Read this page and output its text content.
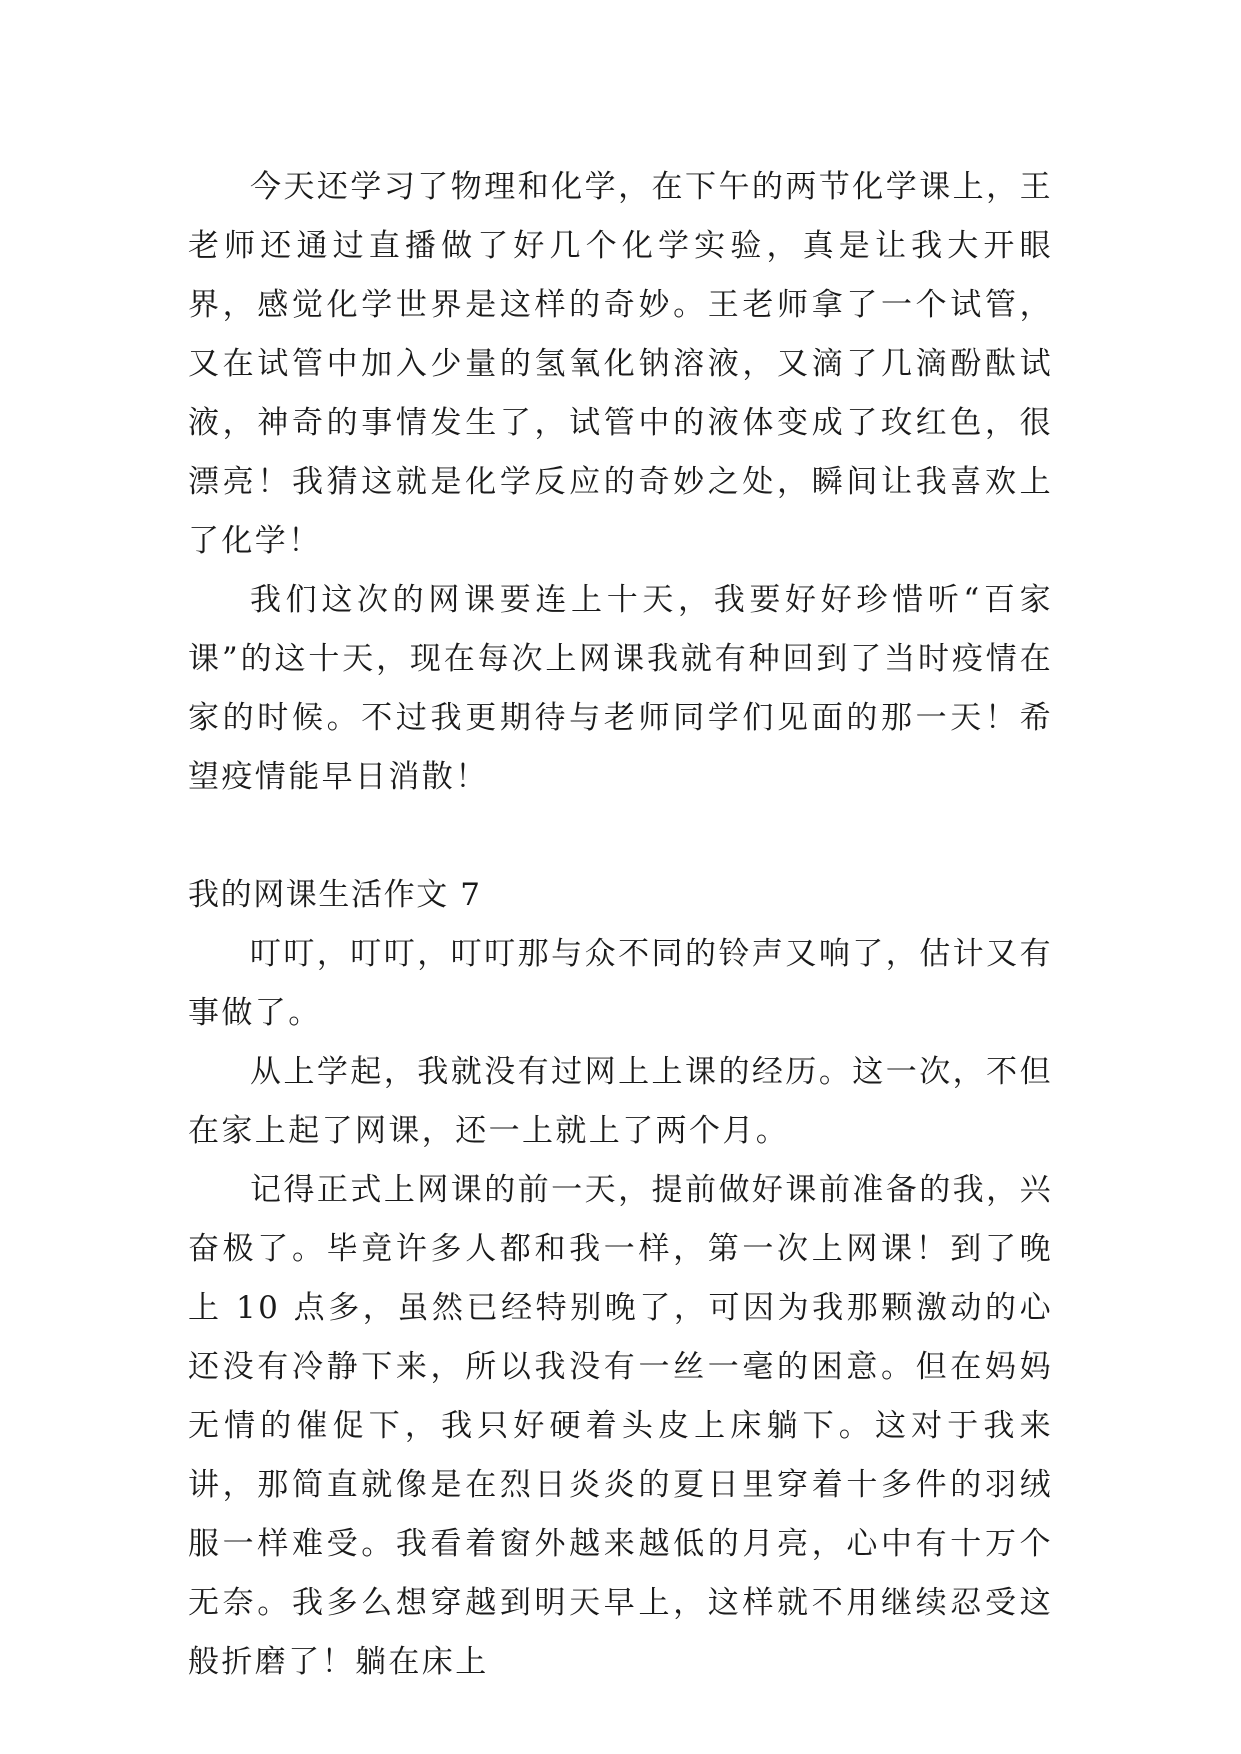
今天还学习了物理和化学，在下午的两节化学课上，王老师还通过直播做了好几个化学实验，真是让我大开眼界，感觉化学世界是这样的奇妙。王老师拿了一个试管，又在试管中加入少量的氢氧化钠溶液，又滴了几滴酚酞试液，神奇的事情发生了，试管中的液体变成了玫红色，很漂亮！我猜这就是化学反应的奇妙之处，瞬间让我喜欢上了化学！

我们这次的网课要连上十天，我要好好珍惜听“百家课”的这十天，现在每次上网课我就有种回到了当时疫情在家的时候。不过我更期待与老师同学们见面的那一天！希望疫情能早日消散！

我的网课生活作文 7

叮叮，叮叮，叮叮那与众不同的铃声又响了，估计又有事做了。

从上学起，我就没有过网上上课的经历。这一次，不但在家上起了网课，还一上就上了两个月。

记得正式上网课的前一天，提前做好课前准备的我，兴奋极了。毕竟许多人都和我一样，第一次上网课！到了晚上 10 点多，虽然已经特别晚了，可因为我那颗激动的心还没有冷静下来，所以我没有一丝一毫的困意。但在妈妈无情的催促下，我只好硬着头皮上床躺下。这对于我来讲，那简直就像是在烈日炎炎的夏日里穿着十多件的羽绒服一样难受。我看着窗外越来越低的月亮，心中有十万个无奈。我多么想穿越到明天早上，这样就不用继续忍受这般折磨了！躺在床上
